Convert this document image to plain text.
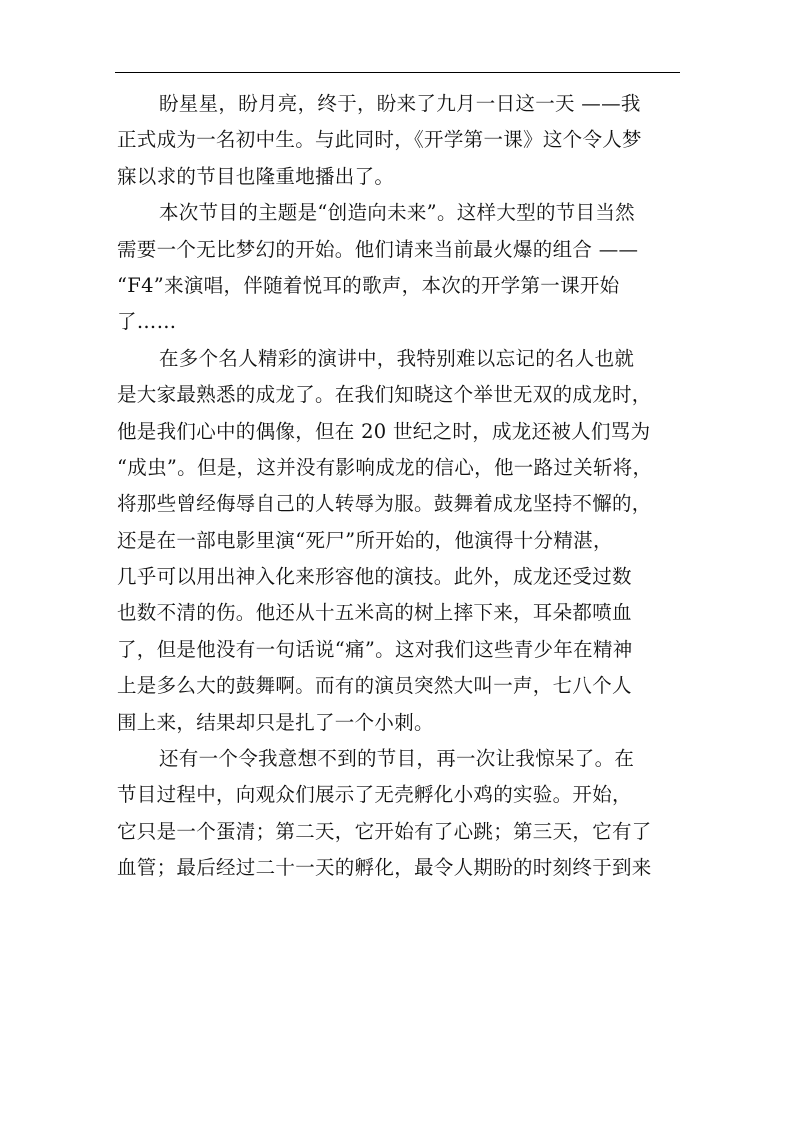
盼星星，盼月亮，终于，盼来了九月一日这一天 ——我
正式成为一名初中生。与此同时，《开学第一课》这个令人梦
寐以求的节目也隆重地播出了。
本次节目的主题是“创造向未来”。这样大型的节目当然
需要一个无比梦幻的开始。他们请来当前最火爆的组合 ——
“F4”来演唱，伴随着悦耳的歌声，本次的开学第一课开始
了……
在多个名人精彩的演讲中，我特别难以忘记的名人也就
是大家最熟悉的成龙了。在我们知晓这个举世无双的成龙时，
他是我们心中的偶像，但在 20 世纪之时，成龙还被人们骂为
“成虫”。但是，这并没有影响成龙的信心，他一路过关斩将，
将那些曾经侮辱自己的人转辱为服。鼓舞着成龙坚持不懈的，
还是在一部电影里演“死尸”所开始的，他演得十分精湛，
几乎可以用出神入化来形容他的演技。此外，成龙还受过数
也数不清的伤。他还从十五米高的树上摔下来，耳朵都喷血
了，但是他没有一句话说“痛”。这对我们这些青少年在精神
上是多么大的鼓舞啊。而有的演员突然大叫一声，七八个人
围上来，结果却只是扎了一个小刺。
还有一个令我意想不到的节目，再一次让我惊呆了。在
节目过程中，向观众们展示了无壳孵化小鸡的实验。开始，
它只是一个蛋清；第二天，它开始有了心跳；第三天，它有了
血管；最后经过二十一天的孵化，最令人期盼的时刻终于到来
